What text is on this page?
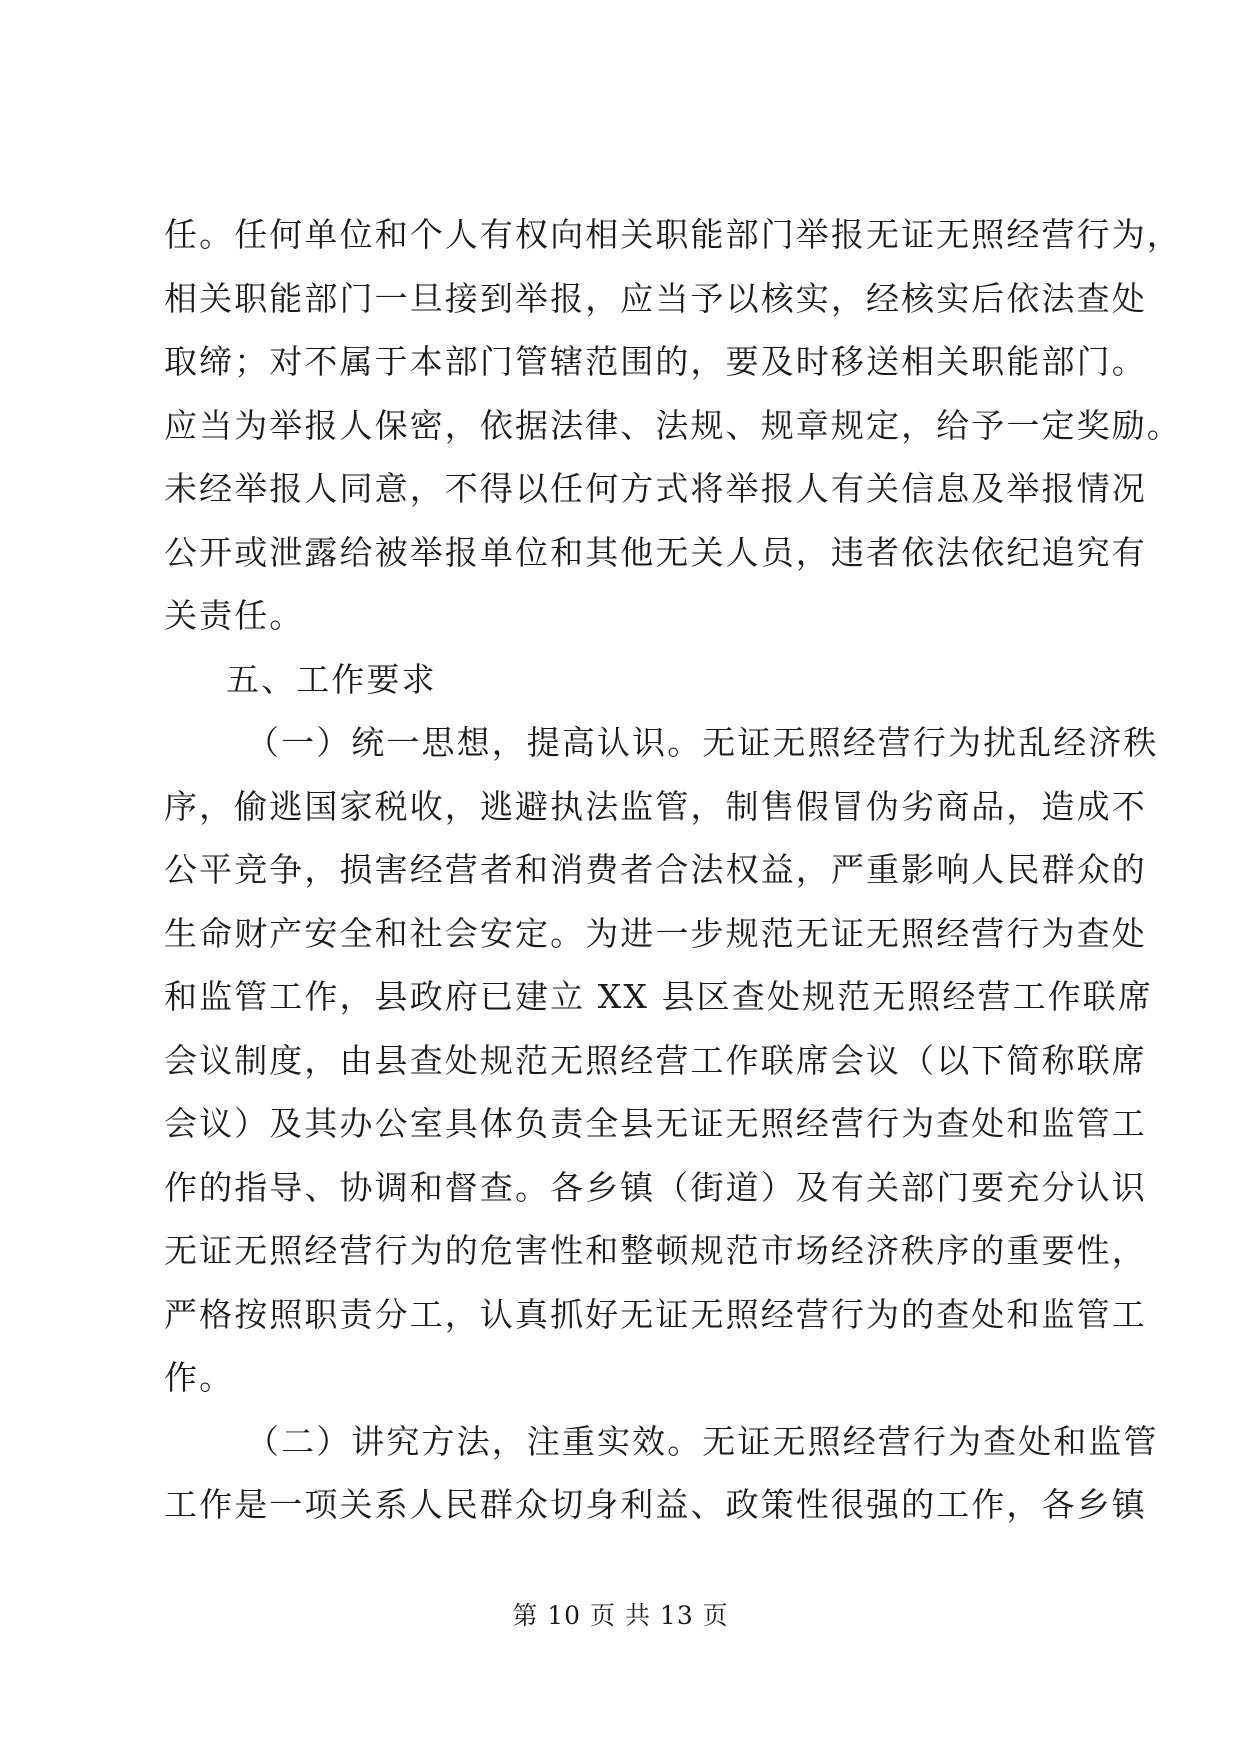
任。任何单位和个人有权向相关职能部门举报无证无照经营行为，
相关职能部门一旦接到举报，应当予以核实，经核实后依法查处
取缔；对不属于本部门管辖范围的，要及时移送相关职能部门。
应当为举报人保密，依据法律、法规、规章规定，给予一定奖励。
未经举报人同意，不得以任何方式将举报人有关信息及举报情况
公开或泄露给被举报单位和其他无关人员，违者依法依纪追究有
关责任。
五、工作要求
（一）统一思想，提高认识。无证无照经营行为扰乱经济秩
序，偷逃国家税收，逃避执法监管，制售假冒伪劣商品，造成不
公平竞争，损害经营者和消费者合法权益，严重影响人民群众的
生命财产安全和社会安定。为进一步规范无证无照经营行为查处
和监管工作，县政府已建立 XX 县区查处规范无照经营工作联席
会议制度，由县查处规范无照经营工作联席会议（以下简称联席
会议）及其办公室具体负责全县无证无照经营行为查处和监管工
作的指导、协调和督查。各乡镇（街道）及有关部门要充分认识
无证无照经营行为的危害性和整顿规范市场经济秩序的重要性，
严格按照职责分工，认真抓好无证无照经营行为的查处和监管工
作。
（二）讲究方法，注重实效。无证无照经营行为查处和监管
工作是一项关系人民群众切身利益、政策性很强的工作，各乡镇
第 10 页 共 13 页
